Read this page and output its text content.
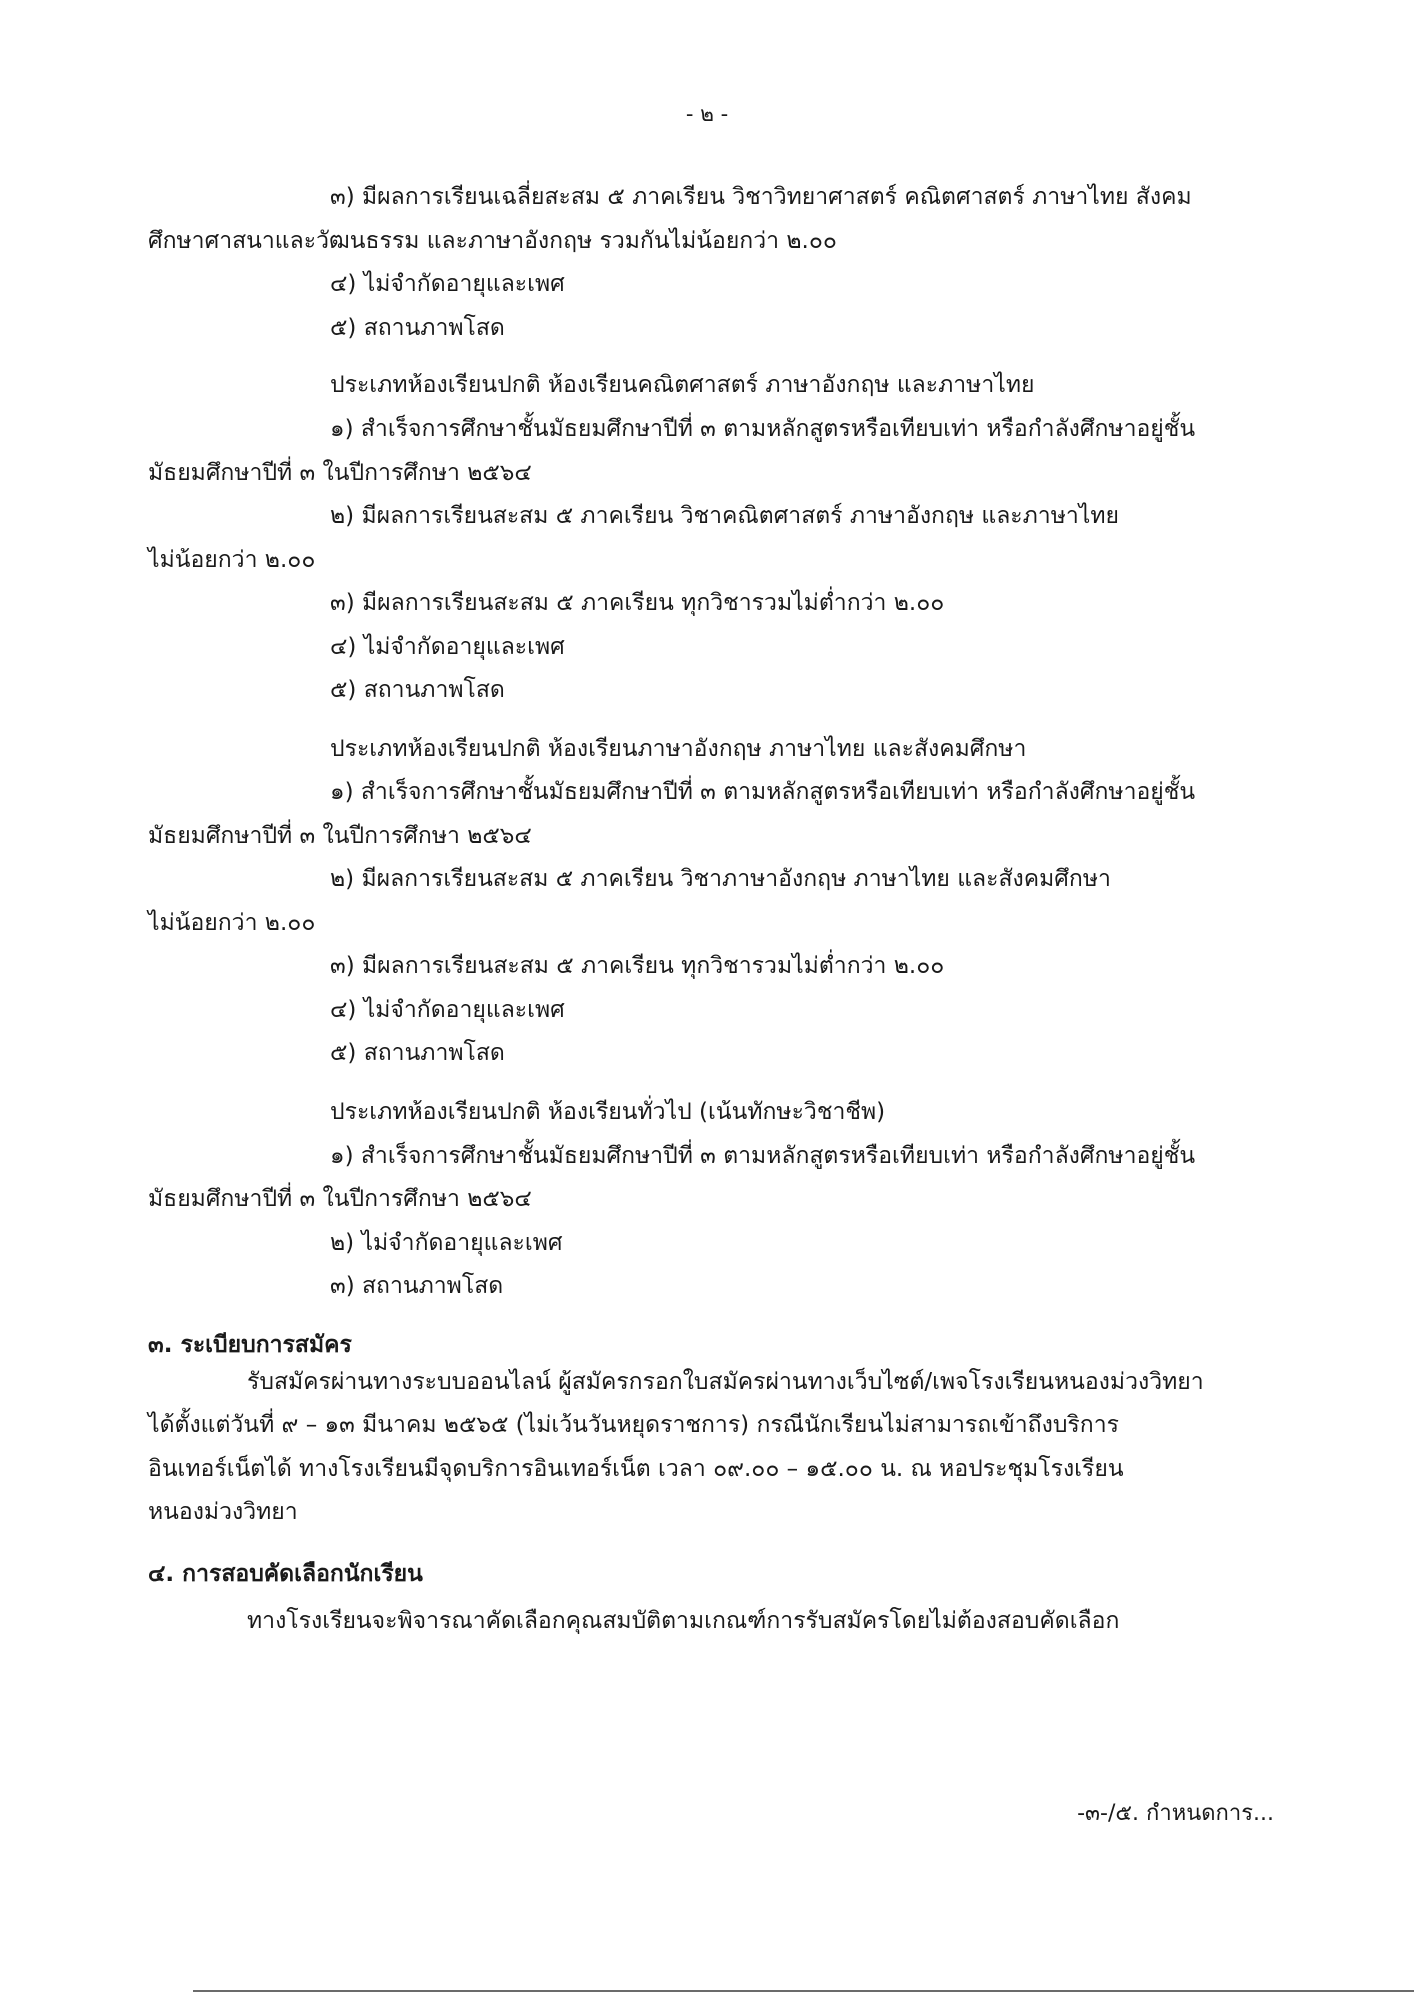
- ๒ -
๓) มีผลการเรียนเฉลี่ยสะสม ๕ ภาคเรียน วิชาวิทยาศาสตร์ คณิตศาสตร์ ภาษาไทย สังคม
ศึกษาศาสนาและวัฒนธรรม และภาษาอังกฤษ รวมกันไม่น้อยกว่า ๒.๐๐
๔) ไม่จำกัดอายุและเพศ
๕) สถานภาพโสด
ประเภทห้องเรียนปกติ ห้องเรียนคณิตศาสตร์ ภาษาอังกฤษ และภาษาไทย
๑) สำเร็จการศึกษาชั้นมัธยมศึกษาปีที่ ๓ ตามหลักสูตรหรือเทียบเท่า หรือกำลังศึกษาอยู่ชั้น
มัธยมศึกษาปีที่ ๓ ในปีการศึกษา ๒๕๖๔
๒) มีผลการเรียนสะสม ๕ ภาคเรียน วิชาคณิตศาสตร์ ภาษาอังกฤษ และภาษาไทย
ไม่น้อยกว่า ๒.๐๐
๓) มีผลการเรียนสะสม ๕ ภาคเรียน ทุกวิชารวมไม่ต่ำกว่า ๒.๐๐
๔) ไม่จำกัดอายุและเพศ
๕) สถานภาพโสด
ประเภทห้องเรียนปกติ ห้องเรียนภาษาอังกฤษ ภาษาไทย และสังคมศึกษา
๑) สำเร็จการศึกษาชั้นมัธยมศึกษาปีที่ ๓ ตามหลักสูตรหรือเทียบเท่า หรือกำลังศึกษาอยู่ชั้น
มัธยมศึกษาปีที่ ๓ ในปีการศึกษา ๒๕๖๔
๒) มีผลการเรียนสะสม ๕ ภาคเรียน วิชาภาษาอังกฤษ ภาษาไทย และสังคมศึกษา
ไม่น้อยกว่า ๒.๐๐
๓) มีผลการเรียนสะสม ๕ ภาคเรียน ทุกวิชารวมไม่ต่ำกว่า ๒.๐๐
๔) ไม่จำกัดอายุและเพศ
๕) สถานภาพโสด
ประเภทห้องเรียนปกติ ห้องเรียนทั่วไป (เน้นทักษะวิชาชีพ)
๑) สำเร็จการศึกษาชั้นมัธยมศึกษาปีที่ ๓ ตามหลักสูตรหรือเทียบเท่า หรือกำลังศึกษาอยู่ชั้น
มัธยมศึกษาปีที่ ๓ ในปีการศึกษา ๒๕๖๔
๒) ไม่จำกัดอายุและเพศ
๓) สถานภาพโสด
๓. ระเบียบการสมัคร
รับสมัครผ่านทางระบบออนไลน์ ผู้สมัครกรอกใบสมัครผ่านทางเว็บไซต์/เพจโรงเรียนหนองม่วงวิทยา
ได้ตั้งแต่วันที่ ๙ – ๑๓ มีนาคม ๒๕๖๕ (ไม่เว้นวันหยุดราชการ) กรณีนักเรียนไม่สามารถเข้าถึงบริการ
อินเทอร์เน็ตได้ ทางโรงเรียนมีจุดบริการอินเทอร์เน็ต เวลา ๐๙.๐๐ – ๑๕.๐๐ น. ณ หอประชุมโรงเรียน
หนองม่วงวิทยา
๔. การสอบคัดเลือกนักเรียน
ทางโรงเรียนจะพิจารณาคัดเลือกคุณสมบัติตามเกณฑ์การรับสมัครโดยไม่ต้องสอบคัดเลือก
-๓-/๕. กำหนดการ...
